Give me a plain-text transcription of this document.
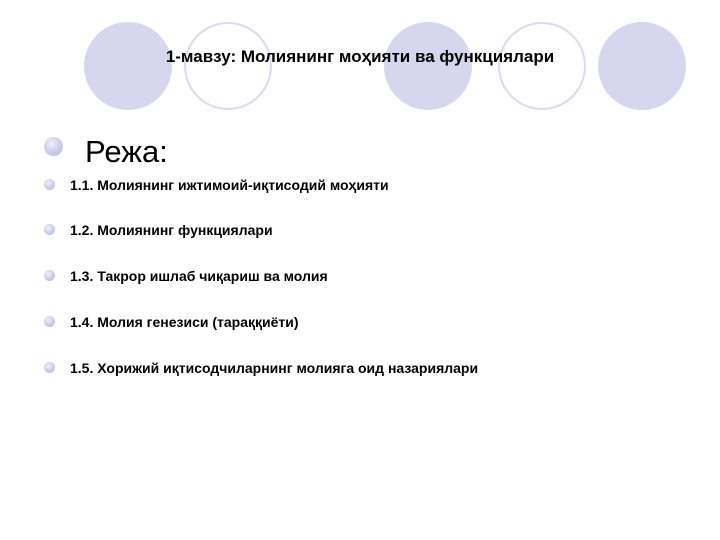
1-мавзу: Молиянинг моҳияти ва функциялари
Режа:
1.1. Молиянинг ижтимоий-иқтисодий моҳияти
1.2. Молиянинг функциялари
1.3. Такрор ишлаб чиқариш ва молия
1.4. Молия генезиси (тараққиёти)
1.5. Хорижий иқтисодчиларнинг молияга оид назариялари
